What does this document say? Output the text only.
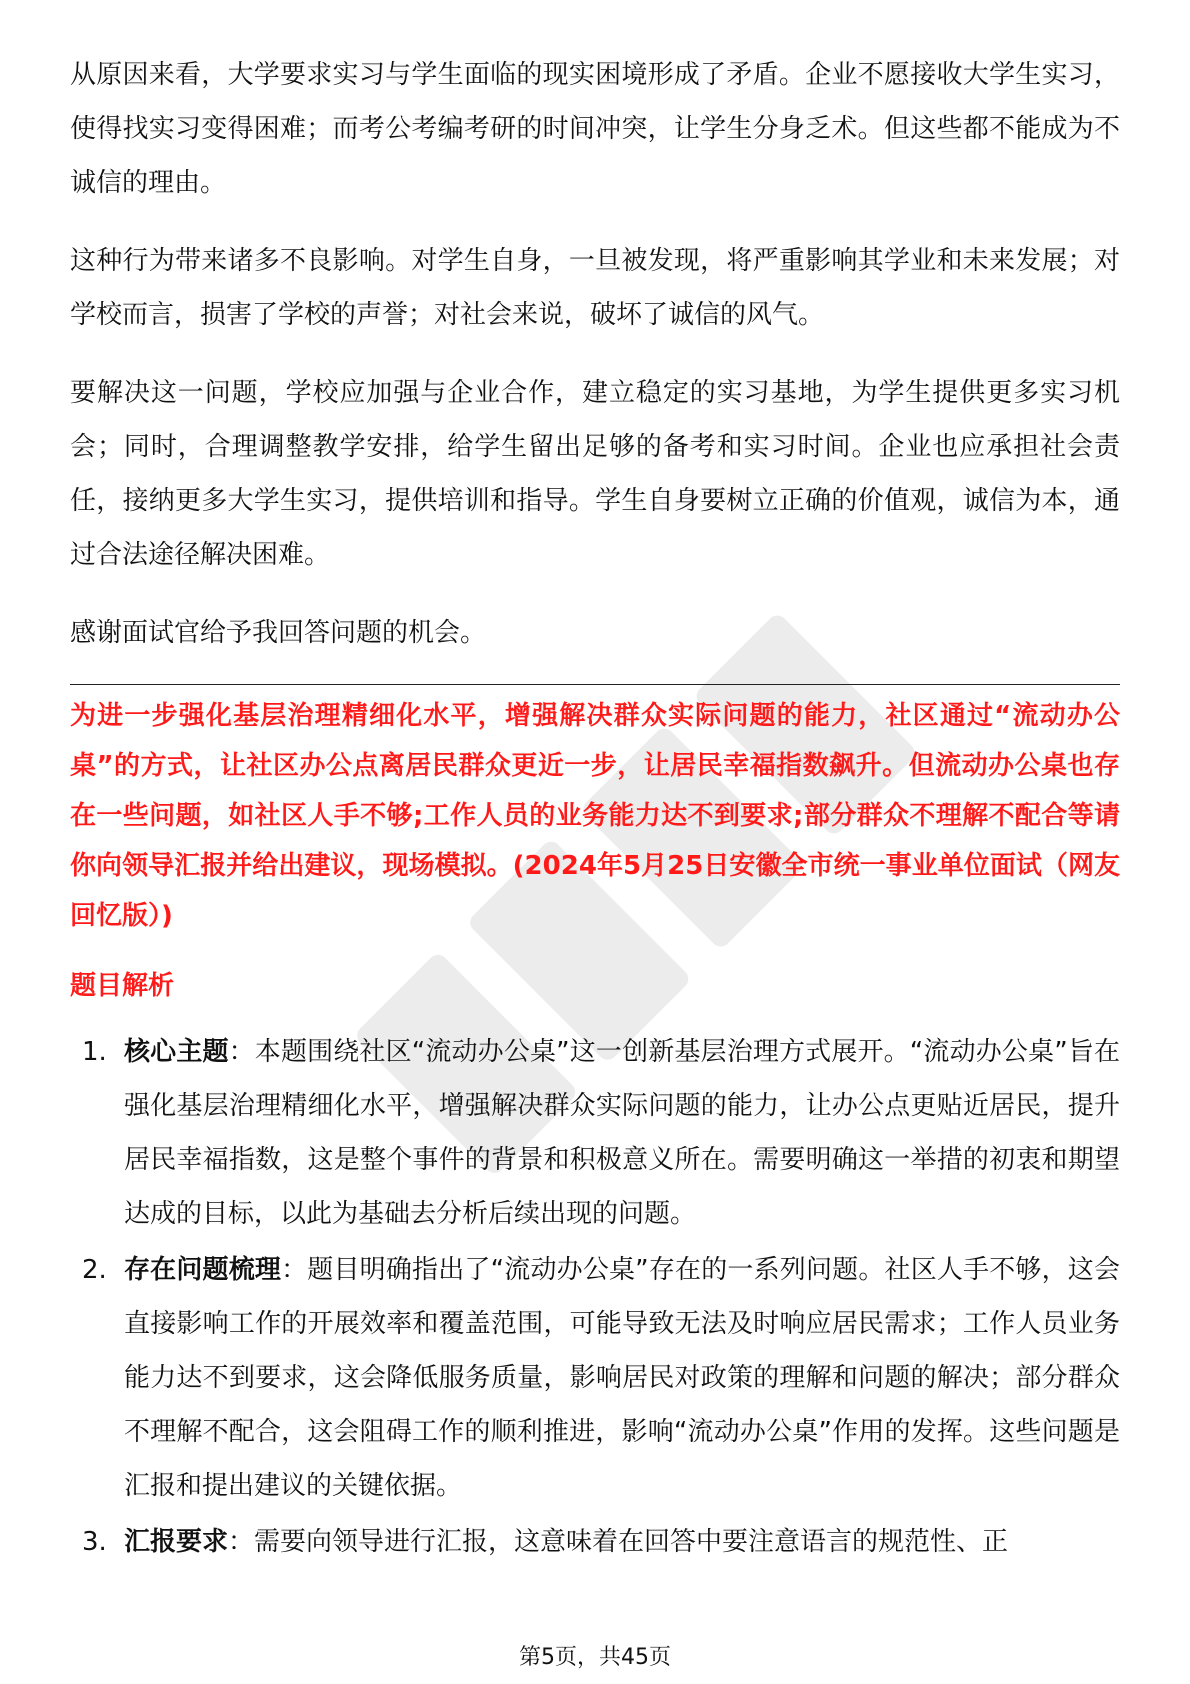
从原因来看，大学要求实习与学生面临的现实困境形成了矛盾。企业不愿接收大学生实习，使得找实习变得困难；而考公考编考研的时间冲突，让学生分身乏术。但这些都不能成为不诚信的理由。

这种行为带来诸多不良影响。对学生自身，一旦被发现，将严重影响其学业和未来发展；对学校而言，损害了学校的声誉；对社会来说，破坏了诚信的风气。

要解决这一问题，学校应加强与企业合作，建立稳定的实习基地，为学生提供更多实习机会；同时，合理调整教学安排，给学生留出足够的备考和实习时间。企业也应承担社会责任，接纳更多大学生实习，提供培训和指导。学生自身要树立正确的价值观，诚信为本，通过合法途径解决困难。

感谢面试官给予我回答问题的机会。

为进一步强化基层治理精细化水平，增强解决群众实际问题的能力，社区通过“流动办公桌”的方式，让社区办公点离居民群众更近一步，让居民幸福指数飙升。但流动办公桌也存在一些问题，如社区人手不够;工作人员的业务能力达不到要求;部分群众不理解不配合等请你向领导汇报并给出建议，现场模拟。(2024年5月25日安徽全市统一事业单位面试（网友回忆版）)

题目解析
1. 核心主题：本题围绕社区“流动办公桌”这一创新基层治理方式展开。“流动办公桌”旨在强化基层治理精细化水平，增强解决群众实际问题的能力，让办公点更贴近居民，提升居民幸福指数，这是整个事件的背景和积极意义所在。需要明确这一举措的初衷和期望达成的目标，以此为基础去分析后续出现的问题。
2. 存在问题梳理：题目明确指出了“流动办公桌”存在的一系列问题。社区人手不够，这会直接影响工作的开展效率和覆盖范围，可能导致无法及时响应居民需求；工作人员业务能力达不到要求，这会降低服务质量，影响居民对政策的理解和问题的解决；部分群众不理解不配合，这会阻碍工作的顺利推进，影响“流动办公桌”作用的发挥。这些问题是汇报和提出建议的关键依据。
3. 汇报要求：需要向领导进行汇报，这意味着在回答中要注意语言的规范性、正
第5页，共45页
